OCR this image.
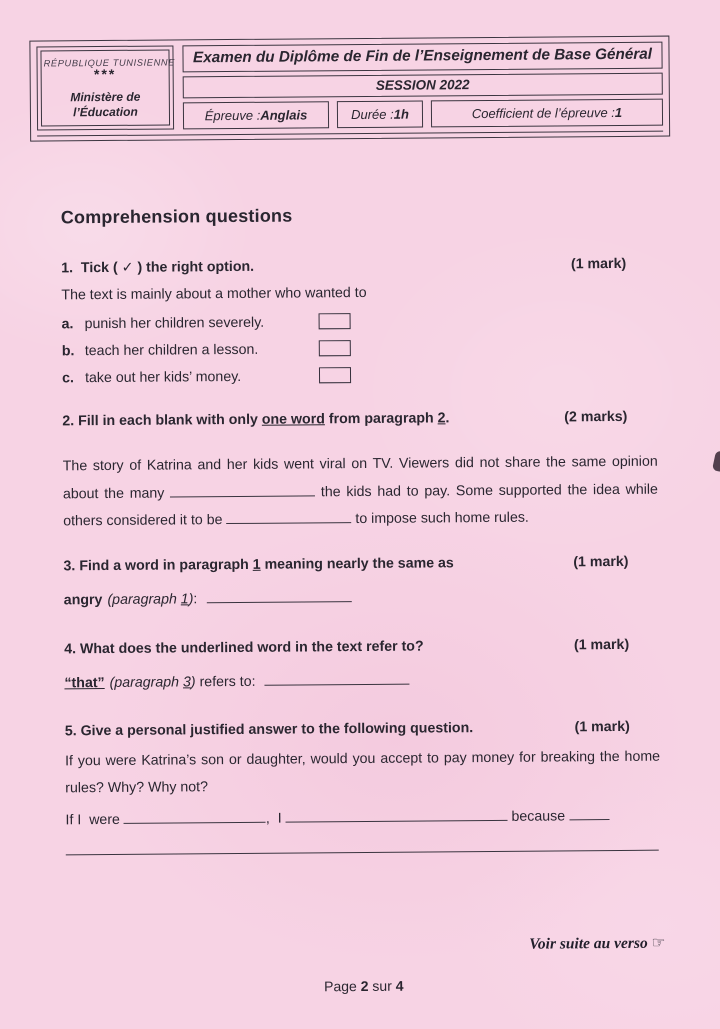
RÉPUBLIQUE TUNISIENNE
***
Ministère de
l’Éducation
Examen du Diplôme de Fin de l’Enseignement de Base Général
SESSION 2022
Épreuve : Anglais	Durée : 1h	Coefficient de l’épreuve : 1
Comprehension questions
1.  Tick ( ✓ ) the right option.	(1 mark)
The text is mainly about a mother who wanted to
a. punish her children severely.
b. teach her children a lesson.
c. take out her kids’ money.
2. Fill in each blank with only one word from paragraph 2.	(2 marks)
The story of Katrina and her kids went viral on TV. Viewers did not share the same opinion about the many	the kids had to pay. Some supported the idea while others considered it to be	to impose such home rules.
3. Find a word in paragraph 1 meaning nearly the same as	(1 mark)
angry (paragraph 1):
4. What does the underlined word in the text refer to?	(1 mark)
“that” (paragraph 3) refers to:
5. Give a personal justified answer to the following question.	(1 mark)
If you were Katrina’s son or daughter, would you accept to pay money for breaking the home rules? Why? Why not?
If I  were	,  I	because
Voir suite au verso ☞
Page 2 sur 4
